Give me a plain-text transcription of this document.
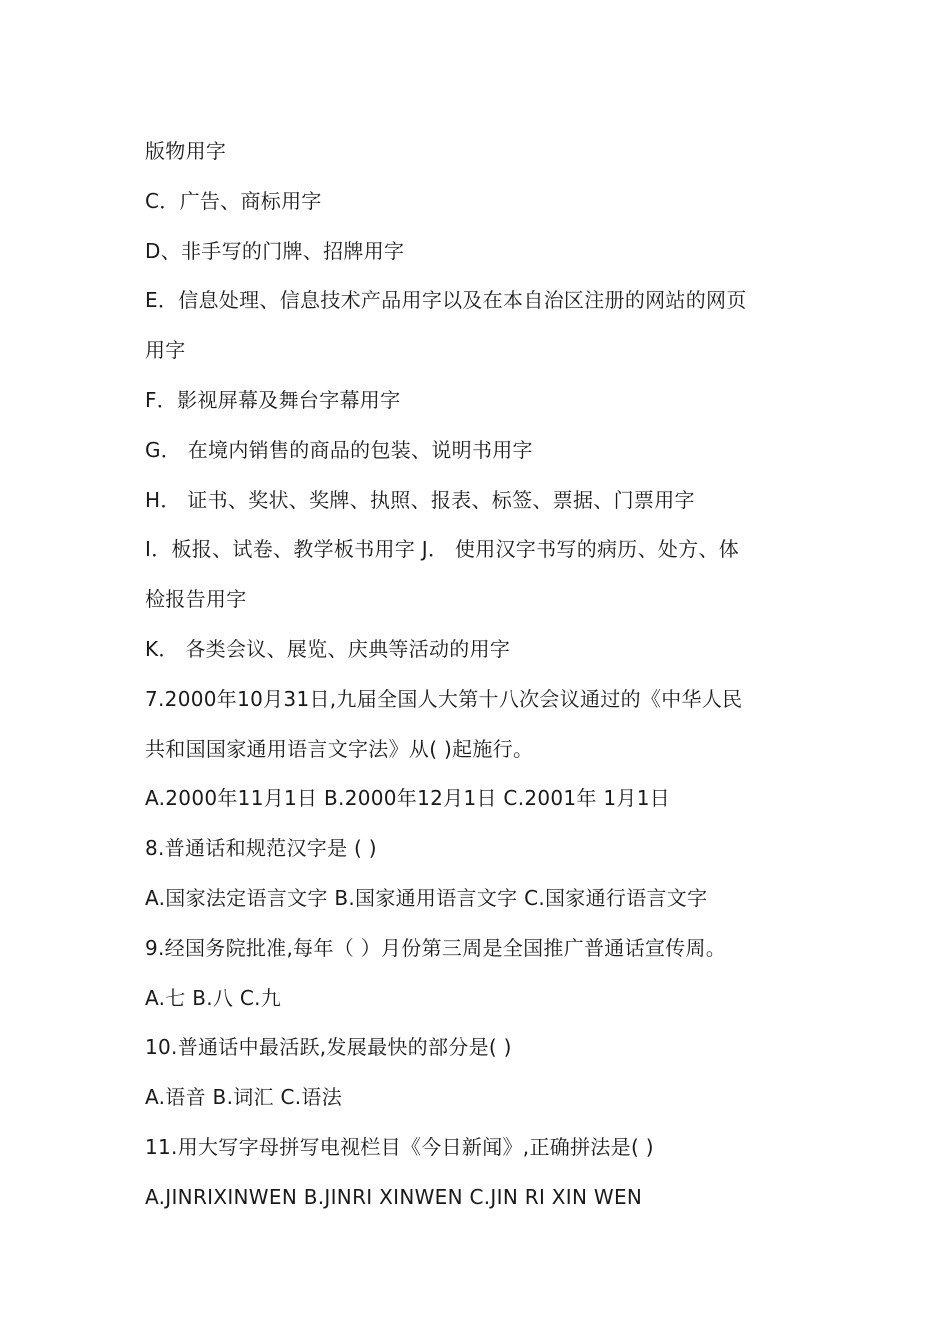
版物用字
C．广告、商标用字
D、非手写的门牌、招牌用字
E．信息处理、信息技术产品用字以及在本自治区注册的网站的网页
用字
F．影视屏幕及舞台字幕用字
G． 在境内销售的商品的包装、说明书用字
H． 证书、奖状、奖牌、执照、报表、标签、票据、门票用字
I．板报、试卷、教学板书用字 J． 使用汉字书写的病历、处方、体
检报告用字
K． 各类会议、展览、庆典等活动的用字
7.2000年10月31日,九届全国人大第十八次会议通过的《中华人民
共和国国家通用语言文字法》从( )起施行。
A.2000年11月1日 B.2000年12月1日 C.2001年 1月1日
8.普通话和规范汉字是 ( )
A.国家法定语言文字 B.国家通用语言文字 C.国家通行语言文字
9.经国务院批准,每年（ ）月份第三周是全国推广普通话宣传周。
A.七 B.八 C.九
10.普通话中最活跃,发展最快的部分是( )
A.语音 B.词汇 C.语法
11.用大写字母拼写电视栏目《今日新闻》,正确拼法是( )
A.JINRIXINWEN B.JINRI XINWEN C.JIN RI XIN WEN
